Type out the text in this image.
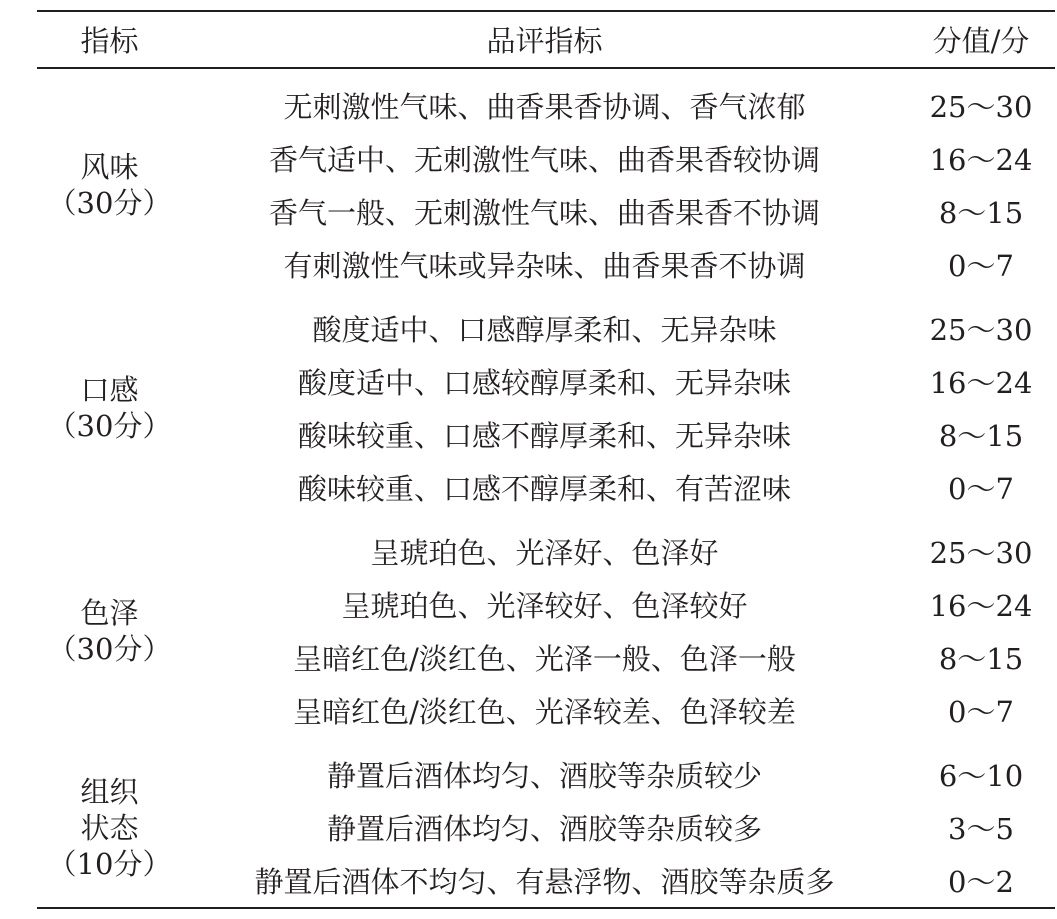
指标	品评指标	分值/分

风味
（30分）	无刺激性气味、曲香果香协调、香气浓郁	25～30
	香气适中、无刺激性气味、曲香果香较协调	16～24
	香气一般、无刺激性气味、曲香果香不协调	8～15
	有刺激性气味或异杂味、曲香果香不协调	0～7

口感
（30分）	酸度适中、口感醇厚柔和、无异杂味	25～30
	酸度适中、口感较醇厚柔和、无异杂味	16～24
	酸味较重、口感不醇厚柔和、无异杂味	8～15
	酸味较重、口感不醇厚柔和、有苦涩味	0～7

色泽
（30分）	呈琥珀色、光泽好、色泽好	25～30
	呈琥珀色、光泽较好、色泽较好	16～24
	呈暗红色/淡红色、光泽一般、色泽一般	8～15
	呈暗红色/淡红色、光泽较差、色泽较差	0～7

组织
状态
（10分）	静置后酒体均匀、酒胶等杂质较少	6～10
	静置后酒体均匀、酒胶等杂质较多	3～5
	静置后酒体不均匀、有悬浮物、酒胶等杂质多	0～2
